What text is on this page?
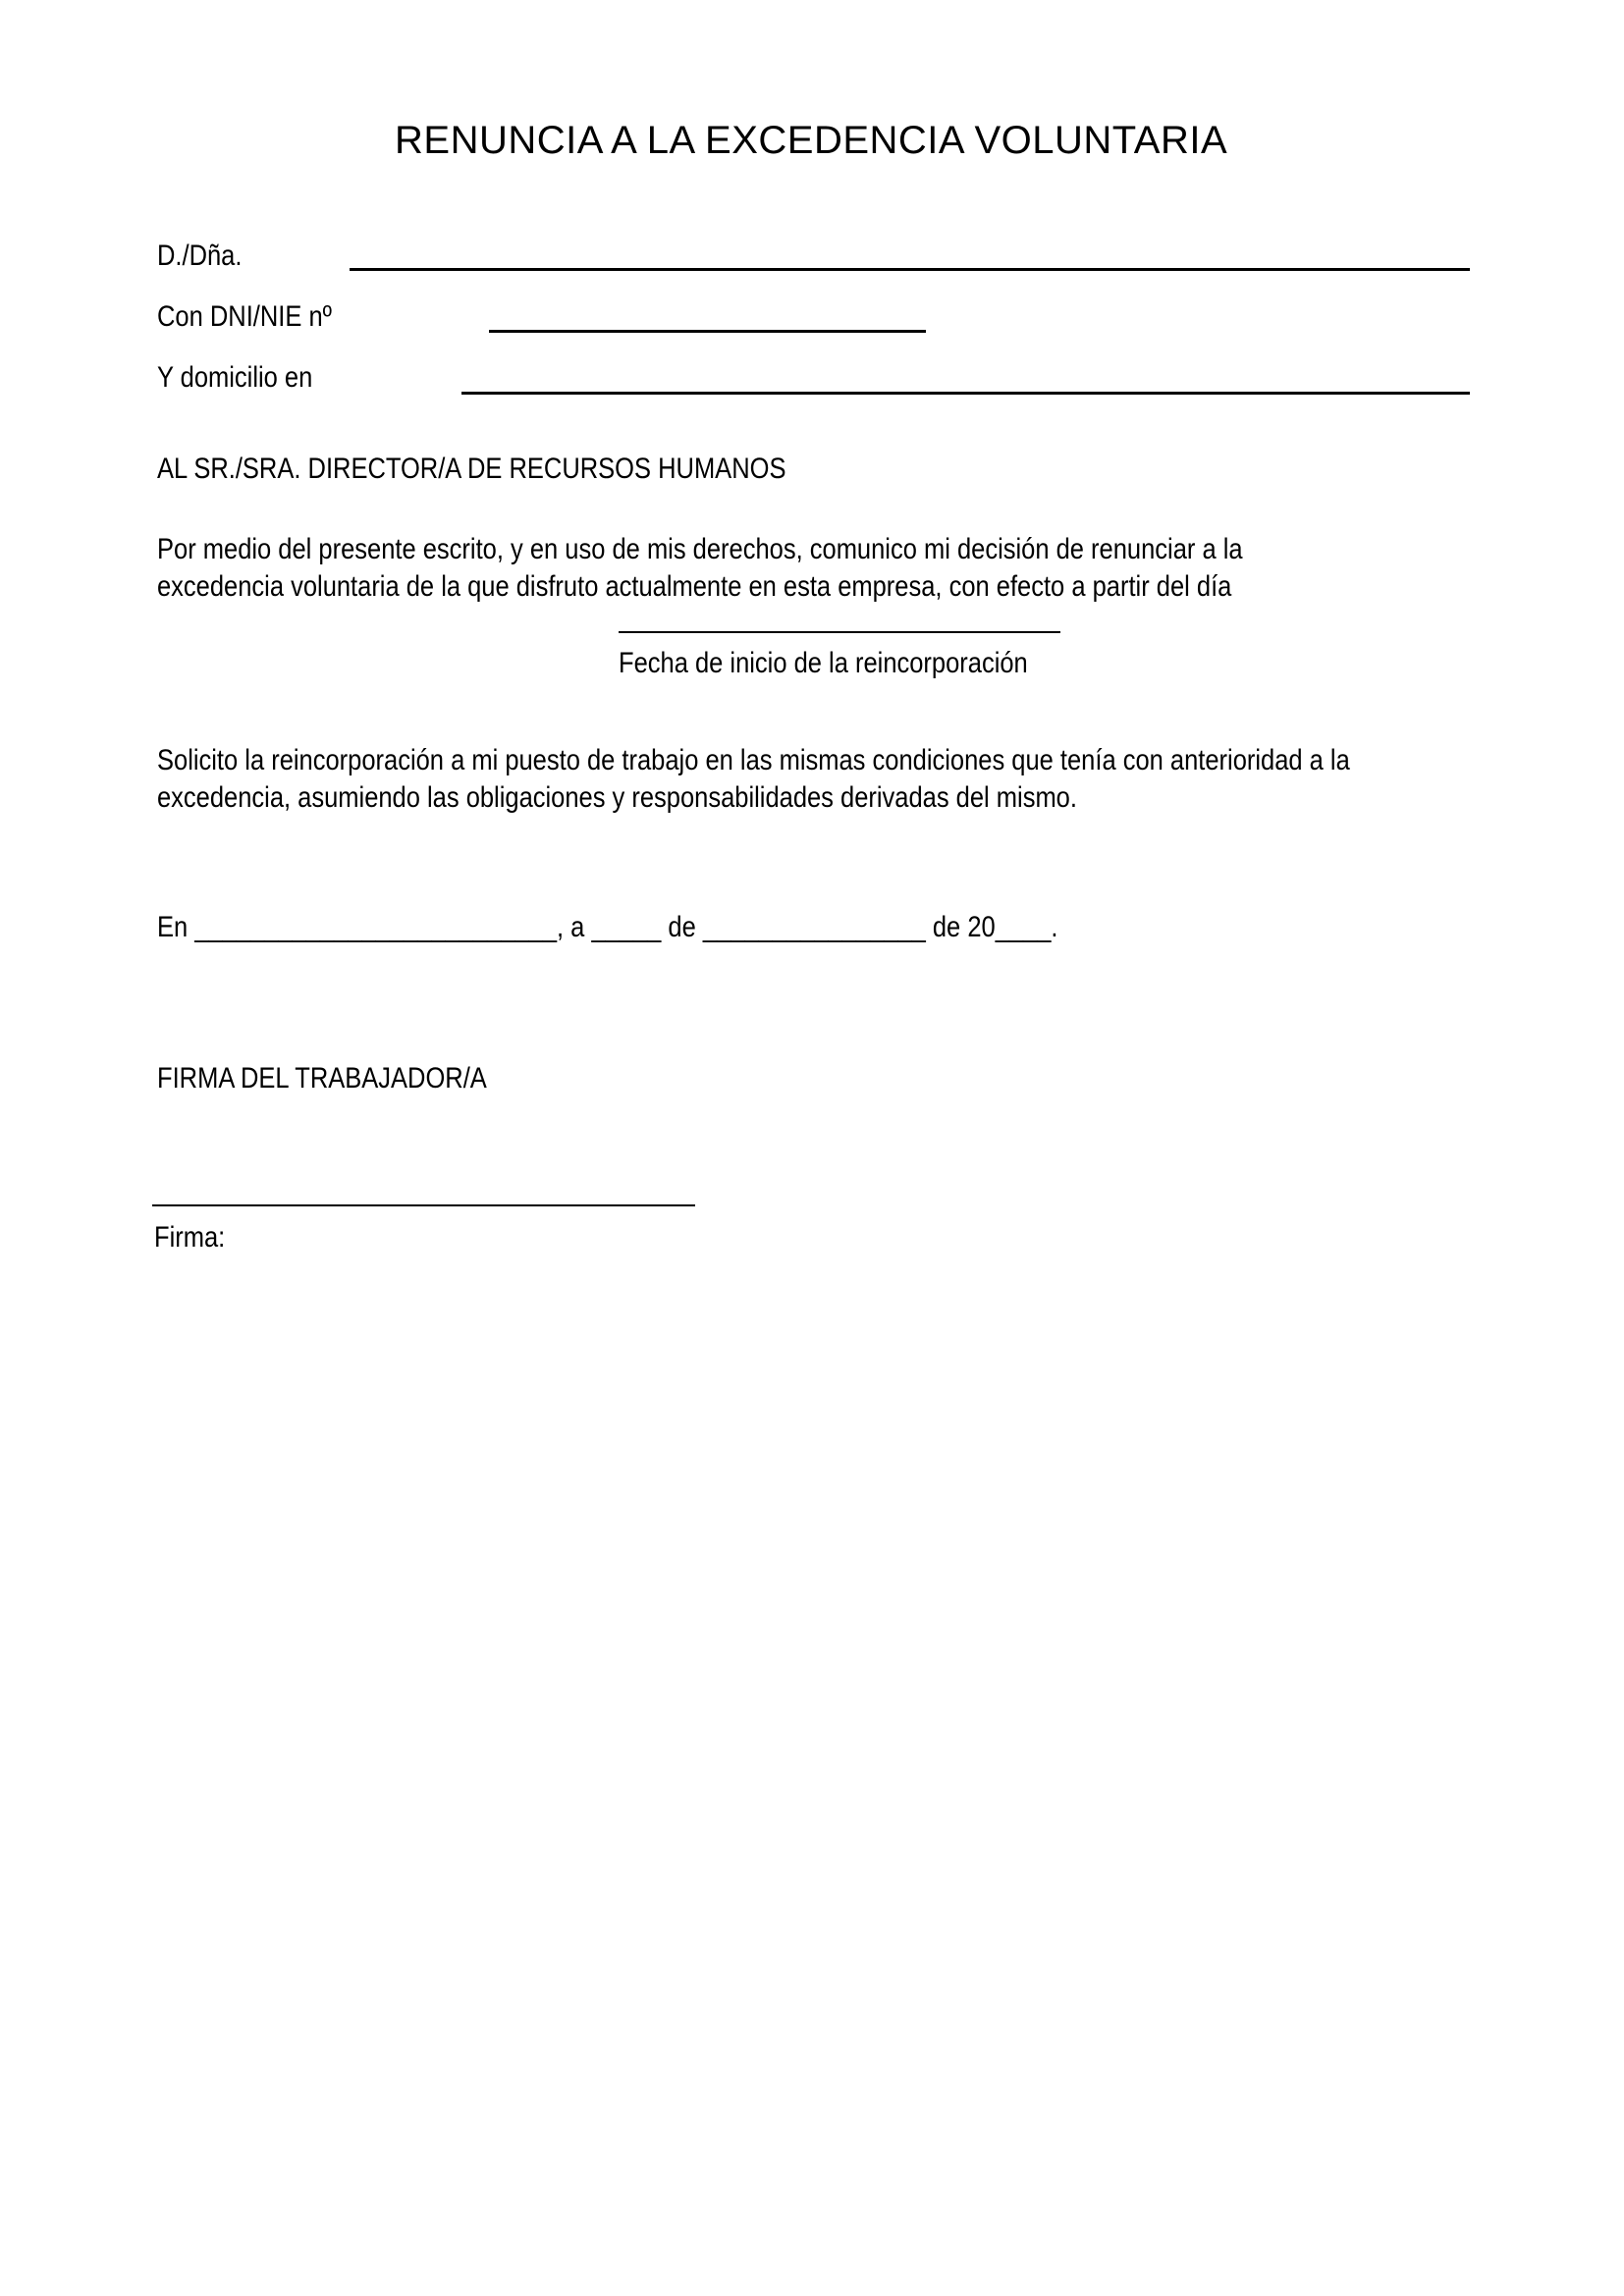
RENUNCIA A LA EXCEDENCIA VOLUNTARIA
D./Dña.
Con DNI/NIE nº
Y domicilio en
AL SR./SRA. DIRECTOR/A DE RECURSOS HUMANOS
Por medio del presente escrito, y en uso de mis derechos, comunico mi decisión de renunciar a la
excedencia voluntaria de la que disfruto actualmente en esta empresa, con efecto a partir del día
Fecha de inicio de la reincorporación
Solicito la reincorporación a mi puesto de trabajo en las mismas condiciones que tenía con anterioridad a la
excedencia, asumiendo las obligaciones y responsabilidades derivadas del mismo.
En __________________________, a _____ de ________________ de 20____.
FIRMA DEL TRABAJADOR/A
Firma:
